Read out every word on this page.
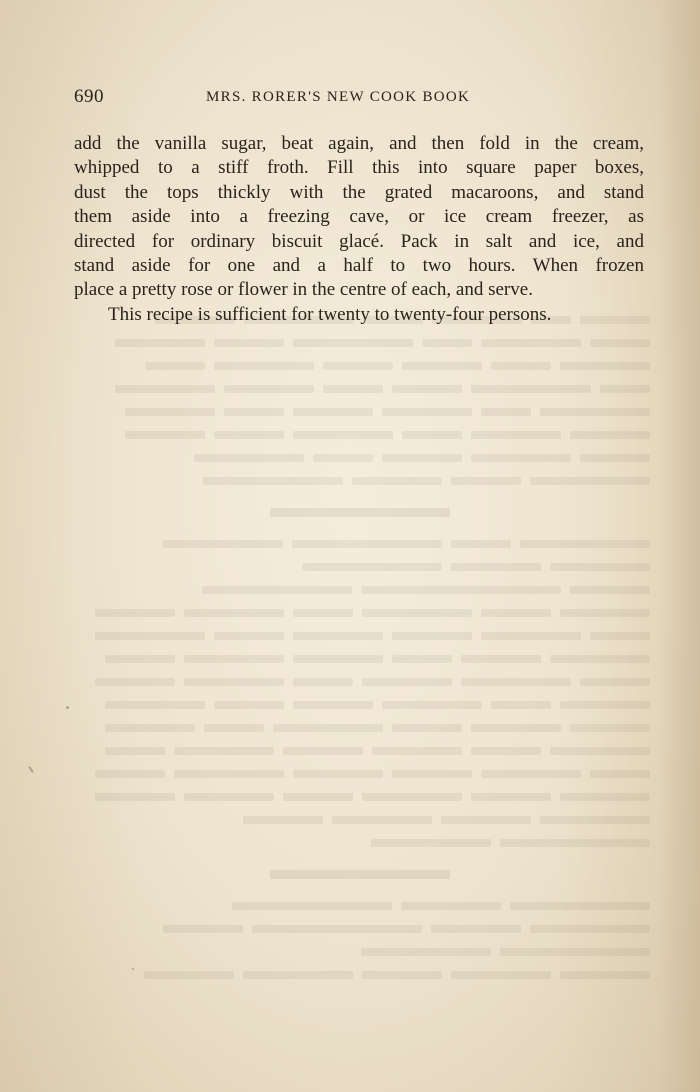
690	MRS. RORER'S NEW COOK BOOK

add the vanilla sugar, beat again, and then fold in the cream,
whipped to a stiff froth. Fill this into square paper boxes,
dust the tops thickly with the grated macaroons, and stand
them aside into a freezing cave, or ice cream freezer, as
directed for ordinary biscuit glacé. Pack in salt and ice, and
stand aside for one and a half to two hours. When frozen
place a pretty rose or flower in the centre of each, and serve.

This recipe is sufficient for twenty to twenty-four persons.
